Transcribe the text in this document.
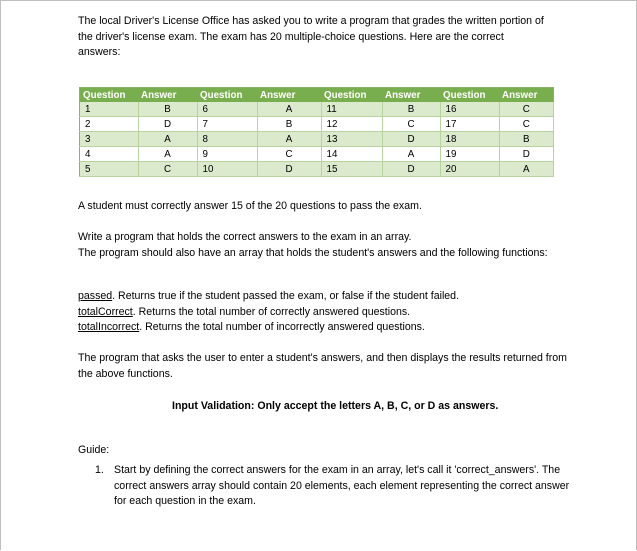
The local Driver's License Office has asked you to write a program that grades the written portion of the driver's license exam. The exam has 20 multiple-choice questions. Here are the correct answers:
Question	Answer	Question	Answer	Question	Answer	Question	Answer
1	B	6	A	11	B	16	C
2	D	7	B	12	C	17	C
3	A	8	A	13	D	18	B
4	A	9	C	14	A	19	D
5	C	10	D	15	D	20	A
A student must correctly answer 15 of the 20 questions to pass the exam.
Write a program that holds the correct answers to the exam in an array.
The program should also have an array that holds the student's answers and the following functions:
passed. Returns true if the student passed the exam, or false if the student failed.
totalCorrect. Returns the total number of correctly answered questions.
totalIncorrect. Returns the total number of incorrectly answered questions.
The program that asks the user to enter a student's answers, and then displays the results returned from the above functions.
Input Validation: Only accept the letters A, B, C, or D as answers.
Guide:
1. Start by defining the correct answers for the exam in an array, let's call it 'correct_answers'. The correct answers array should contain 20 elements, each element representing the correct answer for each question in the exam.
